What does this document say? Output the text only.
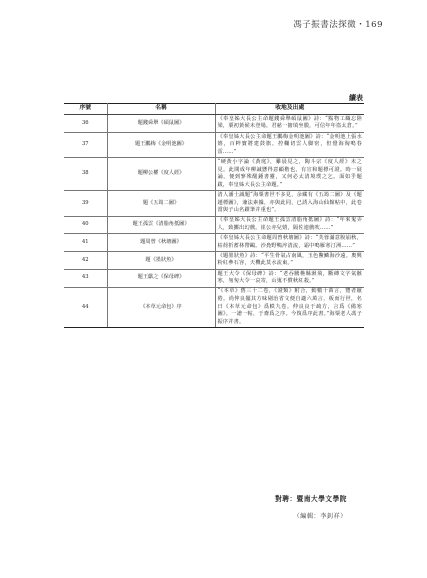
馮子振書法探微・169
續表
序號	名稱	收地及出處
36	題錢舜舉《碩鼠圖》	《奉皇姊大長公主命題錢舜舉碩鼠圖》詩：“點物工織忘陸梁，粟初黃候未登場。君慈一搪填坐膜，可信年年盗太倉。”
37	題王鵬梅《金明池圖》	《奉皇姊大長公主命題王鵬梅金明池圖》詩：“金明池上張水嬉，百粹寶將建鼓旗。控欄切雲人脚密，但覺海淘鳴春雷……”
38	題柳公權《度人經》	“硬黃小字論《黃庭》，雞晨見之，陶斗宗《度人經》未之見。此間成年柳誠懸得意顧楷也，有宣和題標可證。時一展誦，便到寥殊醒鍾書靈，又何必太清境璞之乞。面如乎題跋，奉皇姊大長公主命題。”
39	題《五筠二圖》	清人潘士誠題“海粟書世不多見，余藏有《五筠二圖》及《題趙標圖》，兼法素據，亦與此同，已誘入海山仙館帖中，此卷當與子山名蹟筆并重也”。
40	題王孤雲《清脂角抵圖》	《奉皇姊大長公主命題王孤雲清脂角抵圖》詩：“年來鬼弄人，致擲出幻戲。崔公亦兒嬉，隔佐連戲吹……”
41	題周曾《秋塘圖》	《奉皇姊大長公主命題周曾秋塘圖》詩：“芙蓉滿意脫崩秋，枯荷折蓄林帶鷗。沙鳧野鴨淬清流，霜中鳴雁寒汀洲……”
42	題《墨狀魚》	《題墨狀魚》詩：“平生骨氣占南風，玉色鱉鱗海沙遠。奧興粉紅參石容，天機此莫水流東。”
43	題王獻之《保母碑》	題王大令《保母碑》詩：“老吞騰樵縣湫飛，斷磚文字氣骸寒，匆匆大令一哀寄，山嵬不償秋紅殺。”
44	《本草元命包》序	“《本草》舊三十二卷，《證類》附合，動數十萬言，覽者厭倦。尚仲良擺其方味剔治省文便自適六萬言，板而行世，名曰《本草元命包》爲帙九卷。仲良良于疏方，言爲《備寒圖》。一譜一帖，于齋爲之序。今復爲序此書。”海粟老人馮子振序并書。
對聘：暨南大學文學院
（編輯：李釗祥）
